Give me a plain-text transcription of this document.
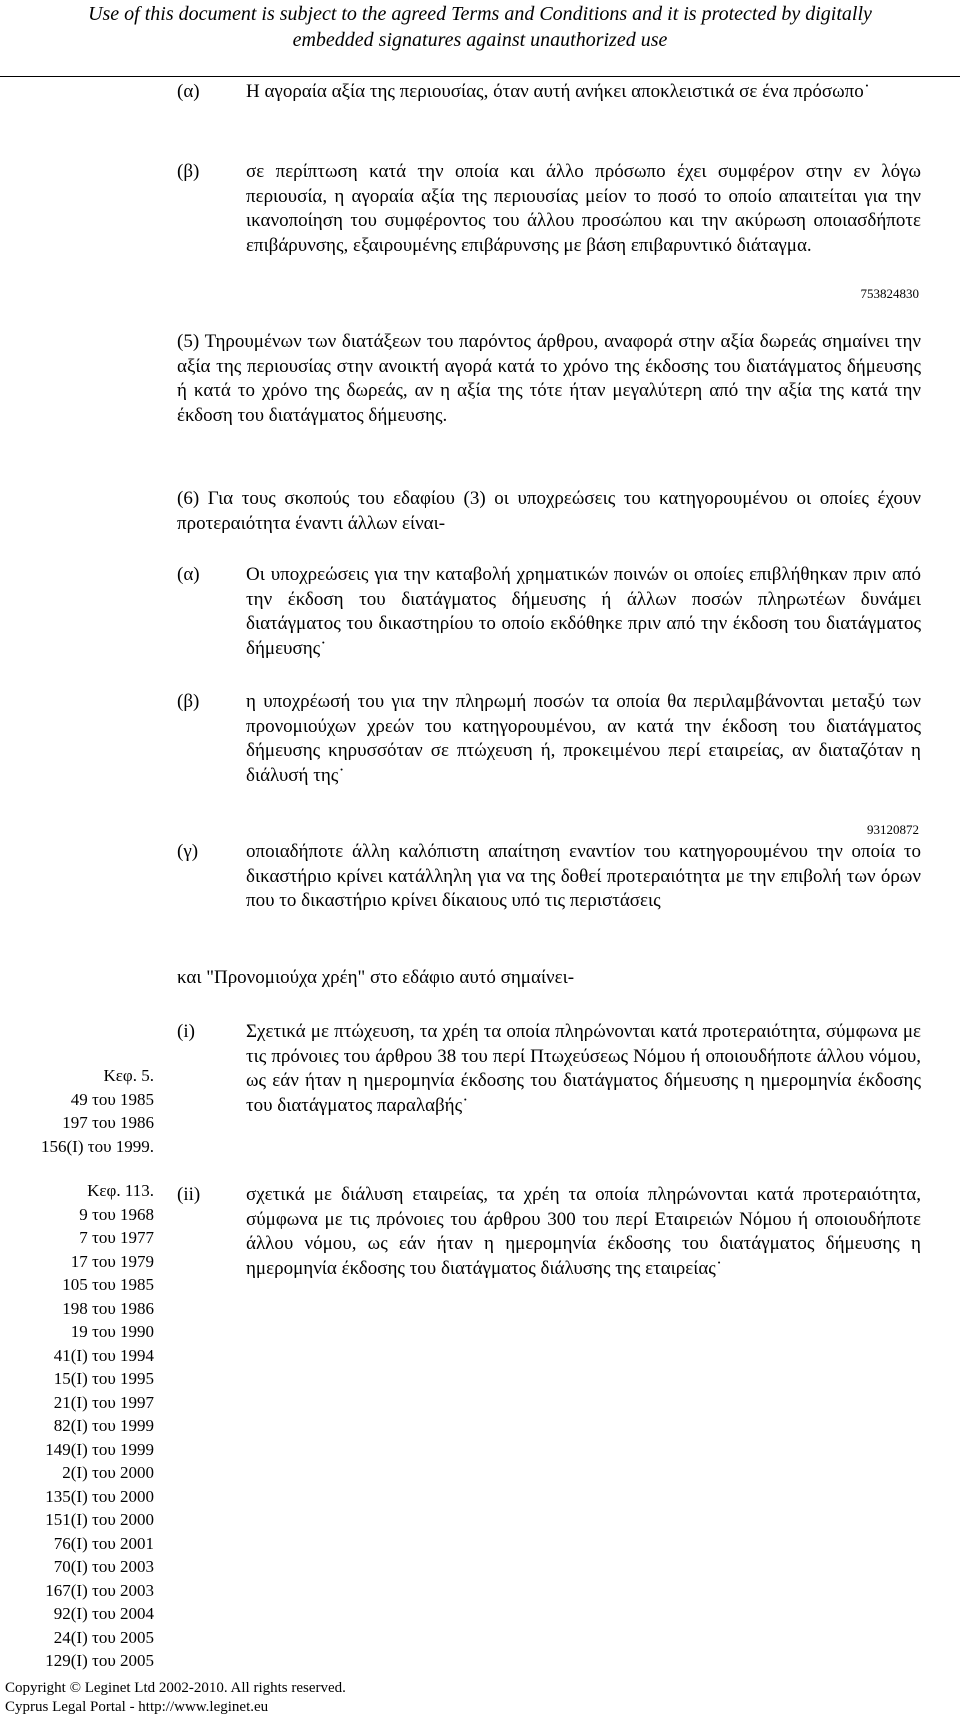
Use of this document is subject to the agreed Terms and Conditions and it is protected by digitally
embedded signatures against unauthorized use
(α) Η αγοραία αξία της περιουσίας, όταν αυτή ανήκει αποκλειστικά σε ένα πρόσωπο˙

(β) σε περίπτωση κατά την οποία και άλλο πρόσωπο έχει συμφέρον στην εν λόγω περιουσία, η αγοραία αξία της περιουσίας μείον το ποσό το οποίο απαιτείται για την ικανοποίηση του συμφέροντος του άλλου προσώπου και την ακύρωση οποιασδήποτε επιβάρυνσης, εξαιρουμένης επιβάρυνσης με βάση επιβαρυντικό διάταγμα.

753824830

(5) Τηρουμένων των διατάξεων του παρόντος άρθρου, αναφορά στην αξία δωρεάς σημαίνει την αξία της περιουσίας στην ανοικτή αγορά κατά το χρόνο της έκδοσης του διατάγματος δήμευσης ή κατά το χρόνο της δωρεάς, αν η αξία της τότε ήταν μεγαλύτερη από την αξία της κατά την έκδοση του διατάγματος δήμευσης.

(6) Για τους σκοπούς του εδαφίου (3) οι υποχρεώσεις του κατηγορουμένου οι οποίες έχουν προτεραιότητα έναντι άλλων είναι-

(α) Οι υποχρεώσεις για την καταβολή χρηματικών ποινών οι οποίες επιβλήθηκαν πριν από την έκδοση του διατάγματος δήμευσης ή άλλων ποσών πληρωτέων δυνάμει διατάγματος του δικαστηρίου το οποίο εκδόθηκε πριν από την έκδοση του διατάγματος δήμευσης˙

(β) η υποχρέωσή του για την πληρωμή ποσών τα οποία θα περιλαμβάνονται μεταξύ των προνομιούχων χρεών του κατηγορουμένου, αν κατά την έκδοση του διατάγματος δήμευσης κηρυσσόταν σε πτώχευση ή, προκειμένου περί εταιρείας, αν διαταζόταν η διάλυσή της˙

93120872
(γ)	οποιαδήποτε άλλη καλόπιστη απαίτηση εναντίον του κατηγορουμένου την οποία το δικαστήριο κρίνει κατάλληλη για να της δοθεί προτεραιότητα με την επιβολή των όρων που το δικαστήριο κρίνει δίκαιους υπό τις περιστάσεις

και "Προνομιούχα χρέη" στο εδάφιο αυτό σημαίνει-

(i)	Σχετικά με πτώχευση, τα χρέη τα οποία πληρώνονται κατά προτεραιότητα, σύμφωνα με τις πρόνοιες του άρθρου 38 του περί Πτωχεύσεως Νόμου ή οποιουδήποτε άλλου νόμου, ως εάν ήταν η ημερομηνία έκδοσης του διατάγματος δήμευσης η ημερομηνία έκδοσης του διατάγματος παραλαβής˙

(ii) σχετικά με διάλυση εταιρείας, τα χρέη τα οποία πληρώνονται κατά προτεραιότητα, σύμφωνα με τις πρόνοιες του άρθρου 300 του περί Εταιρειών Νόμου ή οποιουδήποτε άλλου νόμου, ως εάν ήταν η ημερομηνία έκδοσης του διατάγματος δήμευσης η ημερομηνία έκδοσης του διατάγματος διάλυσης της εταιρείας˙

Κεφ. 5.
49 του 1985
197 του 1986
156(Ι) του 1999.
Κεφ. 113.
9 του 1968
7 του 1977
17 του 1979
105 του 1985
198 του 1986
19 του 1990
41(Ι) του 1994
15(Ι) του 1995
21(Ι) του 1997
82(Ι) του 1999
149(Ι) του 1999
2(Ι) του 2000
135(Ι) του 2000
151(Ι) του 2000
76(Ι) του 2001
70(Ι) του 2003
167(Ι) του 2003
92(Ι) του 2004
24(Ι) του 2005
129(Ι) του 2005
Copyright © Leginet Ltd 2002-2010. All rights reserved.
Cyprus Legal Portal - http://www.leginet.eu
